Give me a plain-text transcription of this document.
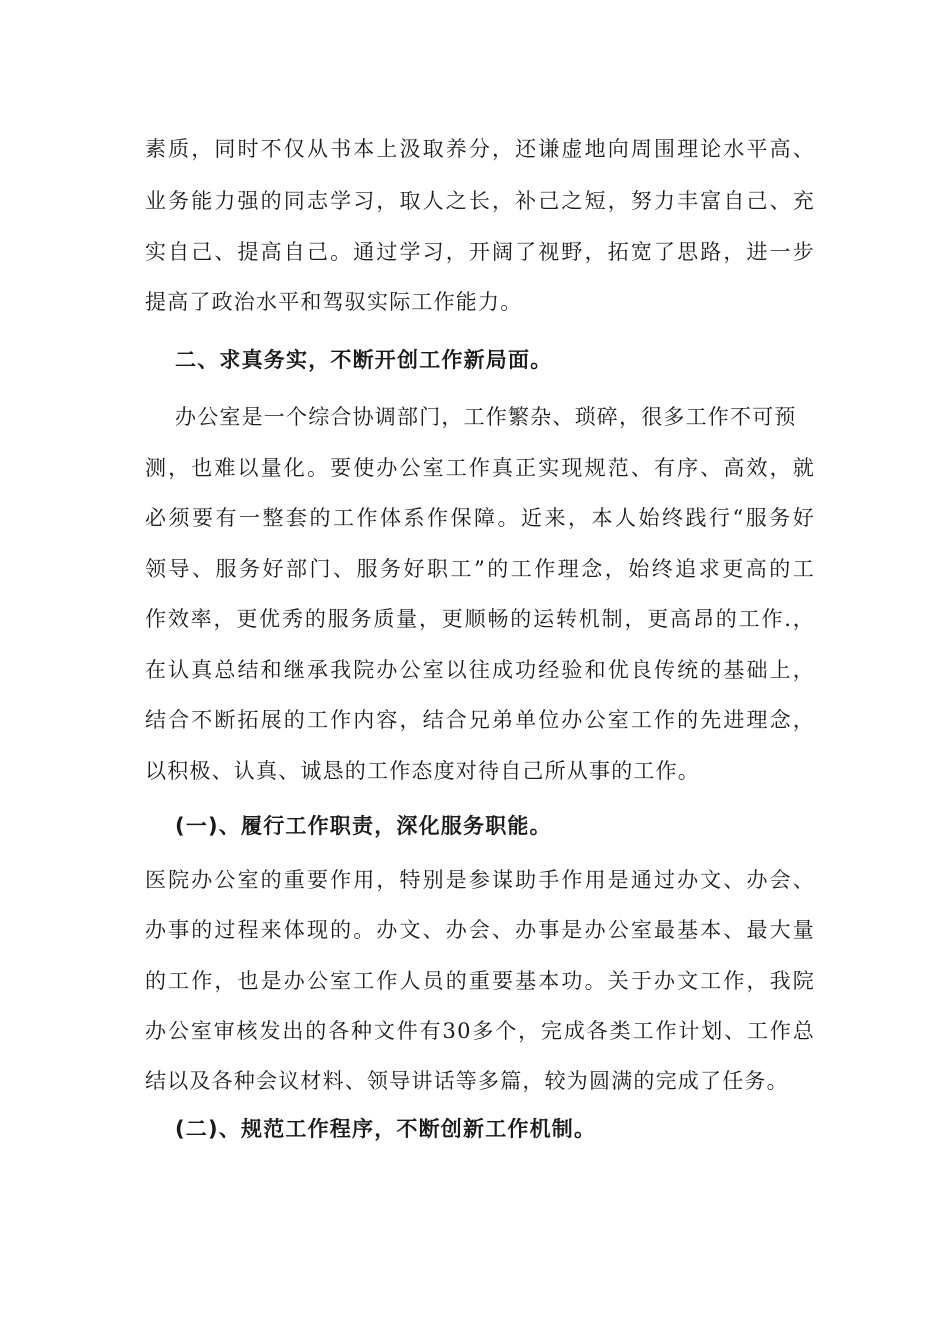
素质，同时不仅从书本上汲取养分，还谦虚地向周围理论水平高、
业务能力强的同志学习，取人之长，补己之短，努力丰富自己、充
实自己、提高自己。通过学习，开阔了视野，拓宽了思路，进一步
提高了政治水平和驾驭实际工作能力。
二、求真务实，不断开创工作新局面。
办公室是一个综合协调部门，工作繁杂、琐碎，很多工作不可预
测，也难以量化。要使办公室工作真正实现规范、有序、高效，就
必须要有一整套的工作体系作保障。近来，本人始终践行“服务好
领导、服务好部门、服务好职工”的工作理念，始终追求更高的工
作效率，更优秀的服务质量，更顺畅的运转机制，更高昂的工作.，
在认真总结和继承我院办公室以往成功经验和优良传统的基础上，
结合不断拓展的工作内容，结合兄弟单位办公室工作的先进理念，
以积极、认真、诚恳的工作态度对待自己所从事的工作。
(一)、履行工作职责，深化服务职能。
医院办公室的重要作用，特别是参谋助手作用是通过办文、办会、
办事的过程来体现的。办文、办会、办事是办公室最基本、最大量
的工作，也是办公室工作人员的重要基本功。关于办文工作，我院
办公室审核发出的各种文件有30多个，完成各类工作计划、工作总
结以及各种会议材料、领导讲话等多篇，较为圆满的完成了任务。
(二)、规范工作程序，不断创新工作机制。
